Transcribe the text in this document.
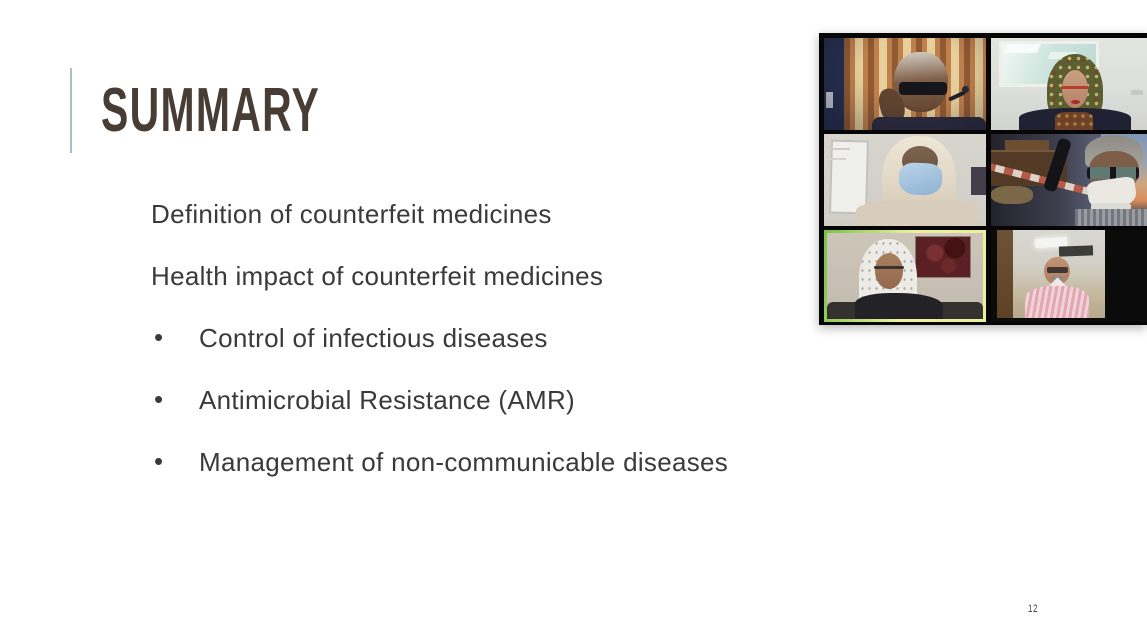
SUMMARY
Definition of counterfeit medicines
Health impact of counterfeit medicines
• Control of infectious diseases
• Antimicrobial Resistance (AMR)
• Management of non-communicable diseases
12
